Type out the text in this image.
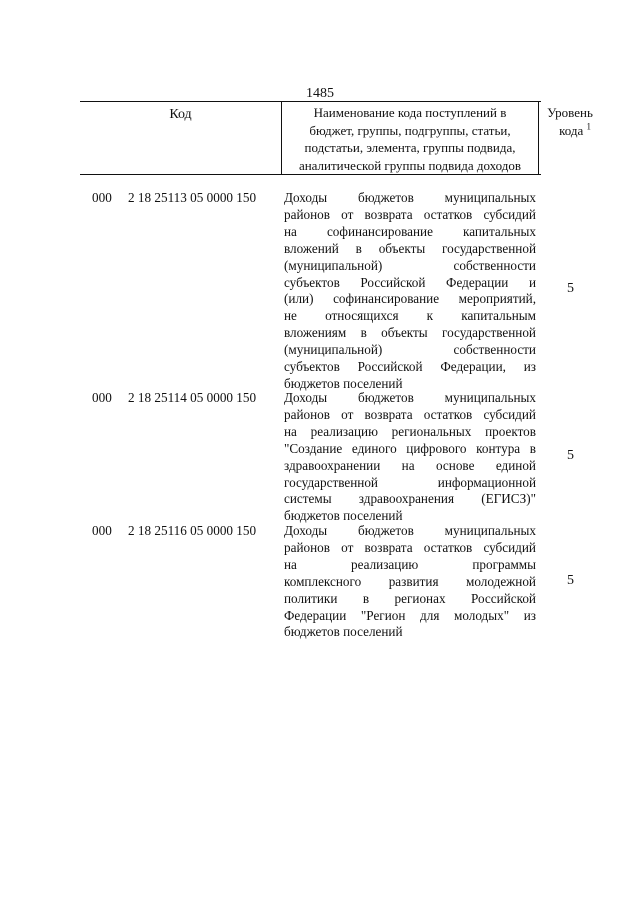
1485
Код	Наименование кода поступлений в
бюджет, группы, подгруппы, статьи,
подстатьи, элемента, группы подвида,
аналитической группы подвида доходов
Уровень
кода $^1$
000 2 18 25113 05 0000 150 Доходы бюджетов муниципальных
районов от возврата остатков субсидий
на софинансирование капитальных
вложений в объекты государственной
(муниципальной) собственности
субъектов Российской Федерации и
(или) софинансирование мероприятий,
не относящихся к капитальным
вложениям в объекты государственной
(муниципальной) собственности
субъектов Российской Федерации, из
бюджетов поселений
5
000 2 18 25114 05 0000 150 Доходы бюджетов муниципальных
районов от возврата остатков субсидий
на реализацию региональных проектов
"Создание единого цифрового контура в
здравоохранении на основе единой
государственной информационной
системы здравоохранения (ЕГИСЗ)"
бюджетов поселений
5
000 2 18 25116 05 0000 150 Доходы бюджетов муниципальных
районов от возврата остатков субсидий
на реализацию программы
комплексного развития молодежной
политики в регионах Российской
Федерации "Регион для молодых" из
бюджетов поселений
5
